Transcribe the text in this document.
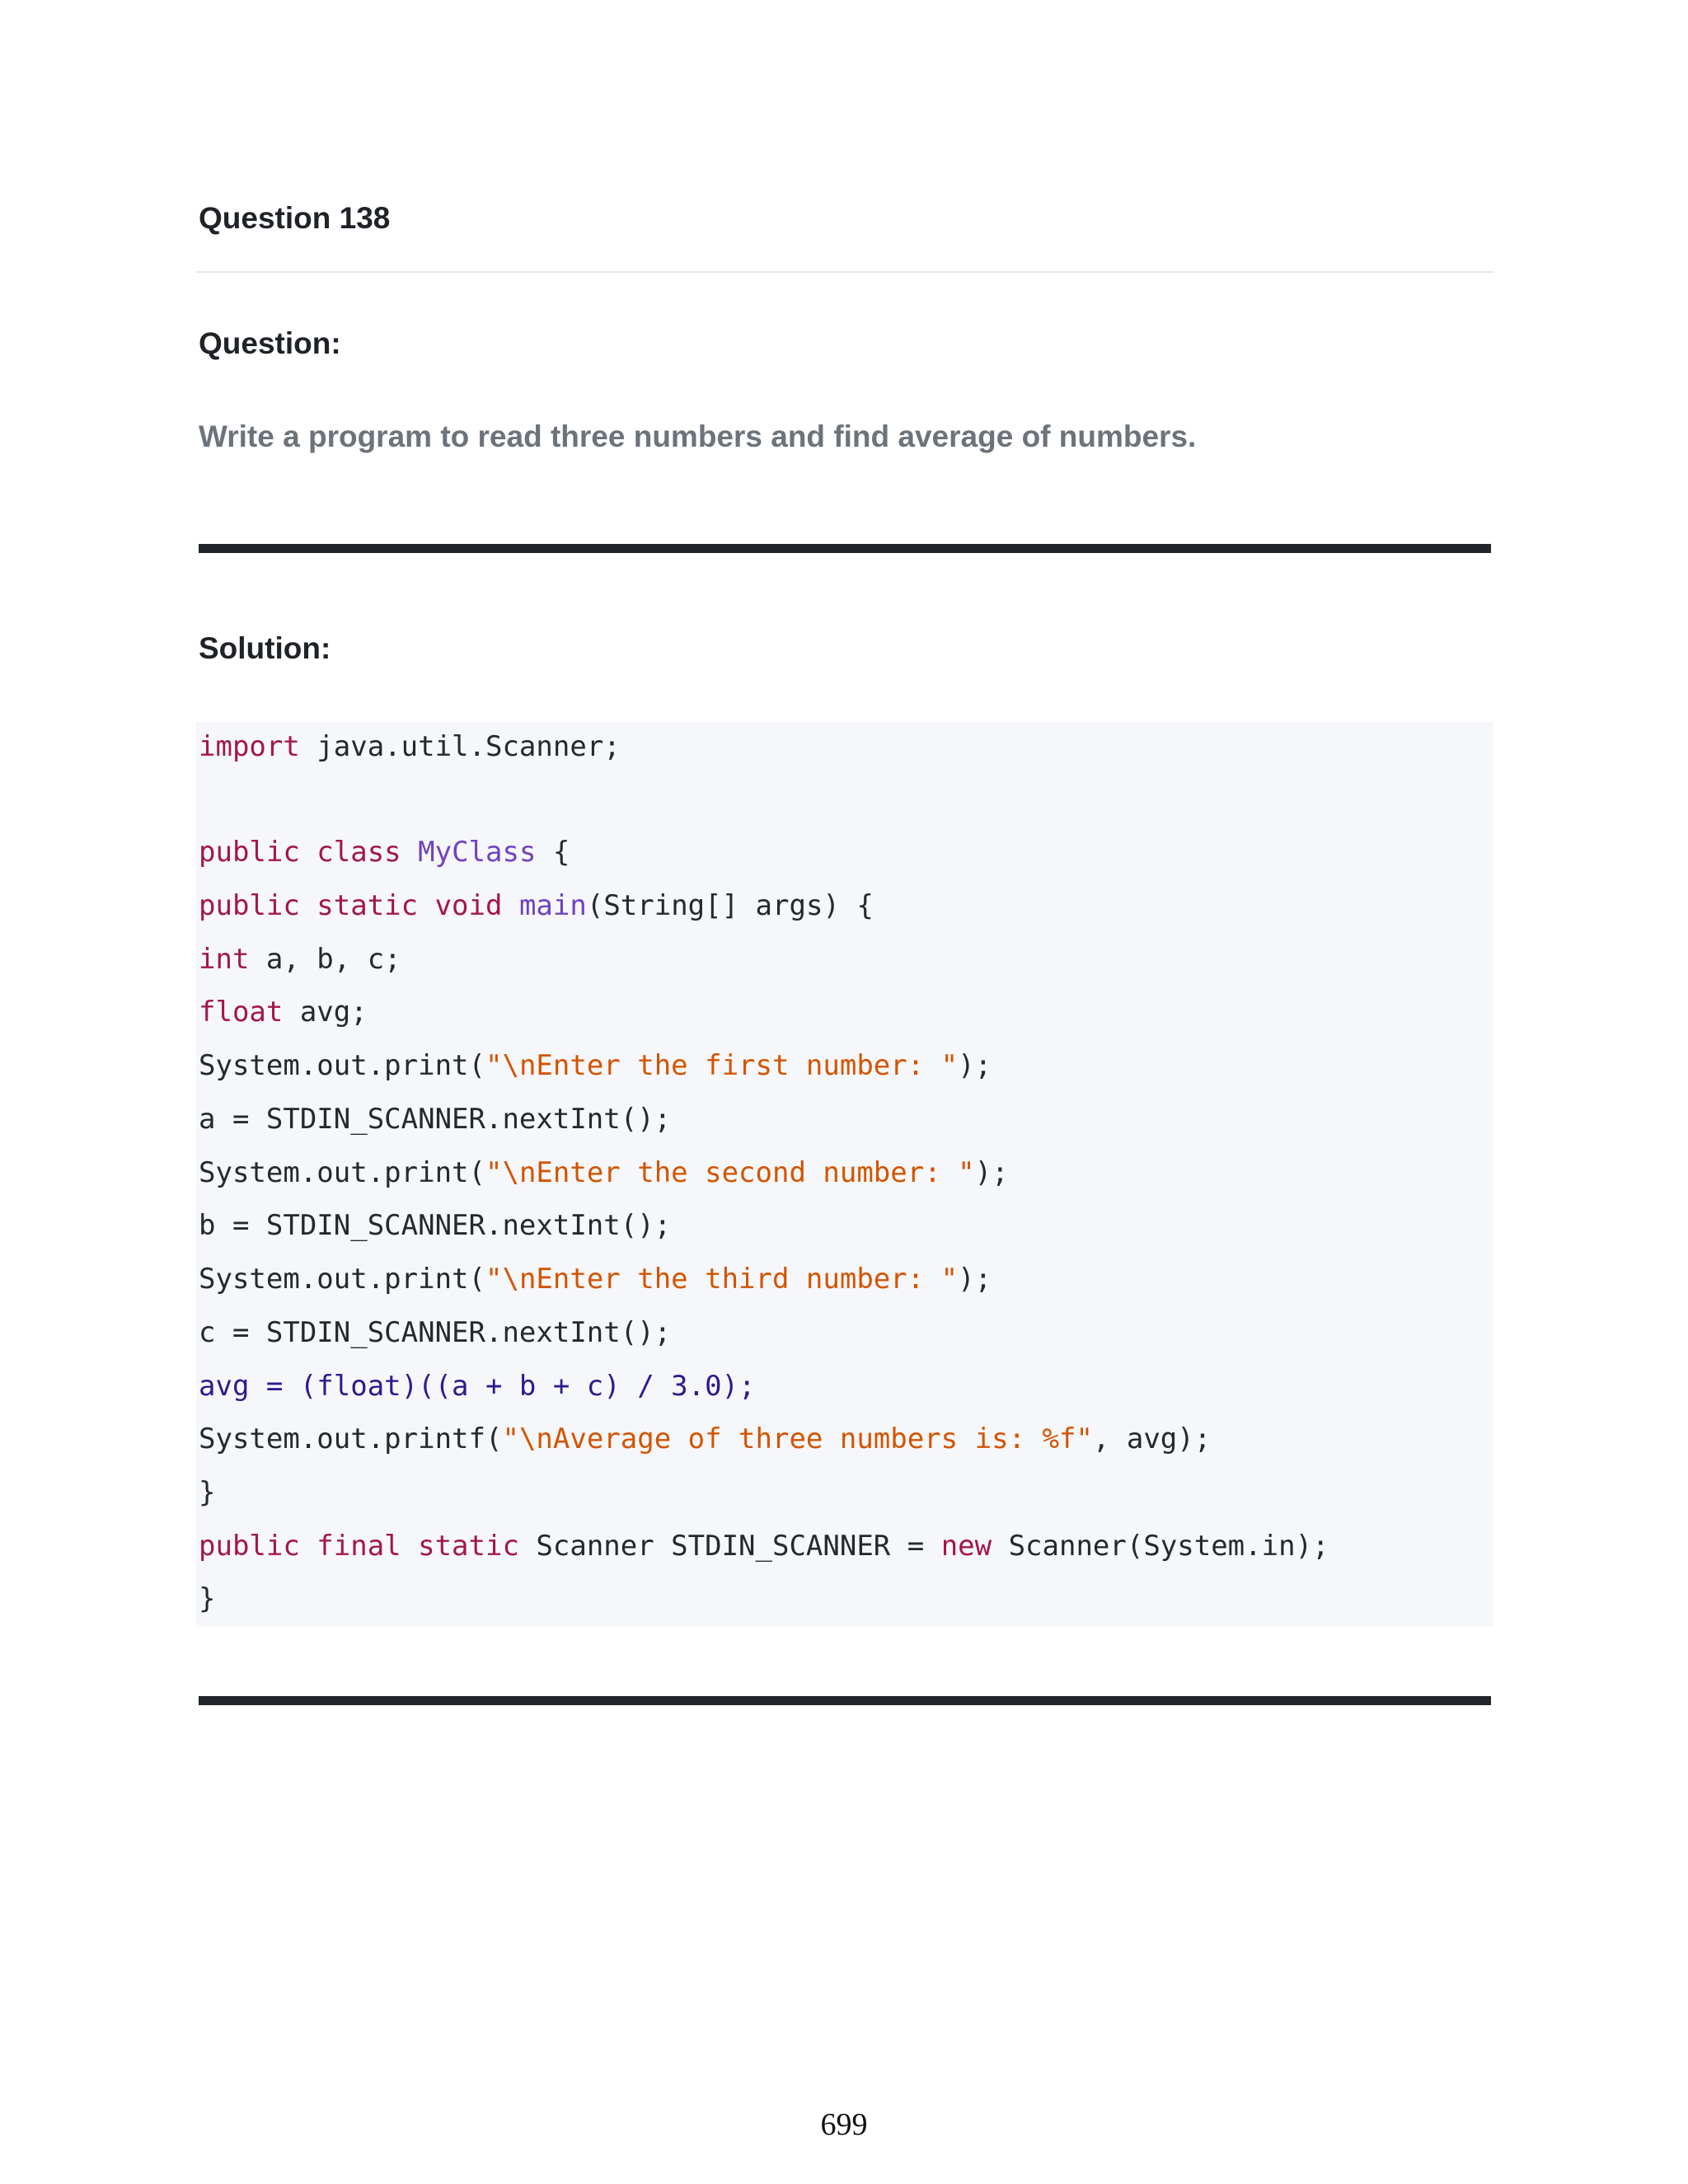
Question 138
Question:
Write a program to read three numbers and find average of numbers.
Solution:
import java.util.Scanner;
public class MyClass {
public static void main(String[] args) {
int a, b, c;
float avg;
System.out.print("\nEnter the first number: ");
a = STDIN_SCANNER.nextInt();
System.out.print("\nEnter the second number: ");
b = STDIN_SCANNER.nextInt();
System.out.print("\nEnter the third number: ");
c = STDIN_SCANNER.nextInt();
avg = (float)((a + b + c) / 3.0);
System.out.printf("\nAverage of three numbers is: %f", avg);
}
public final static Scanner STDIN_SCANNER = new Scanner(System.in);
}
699
